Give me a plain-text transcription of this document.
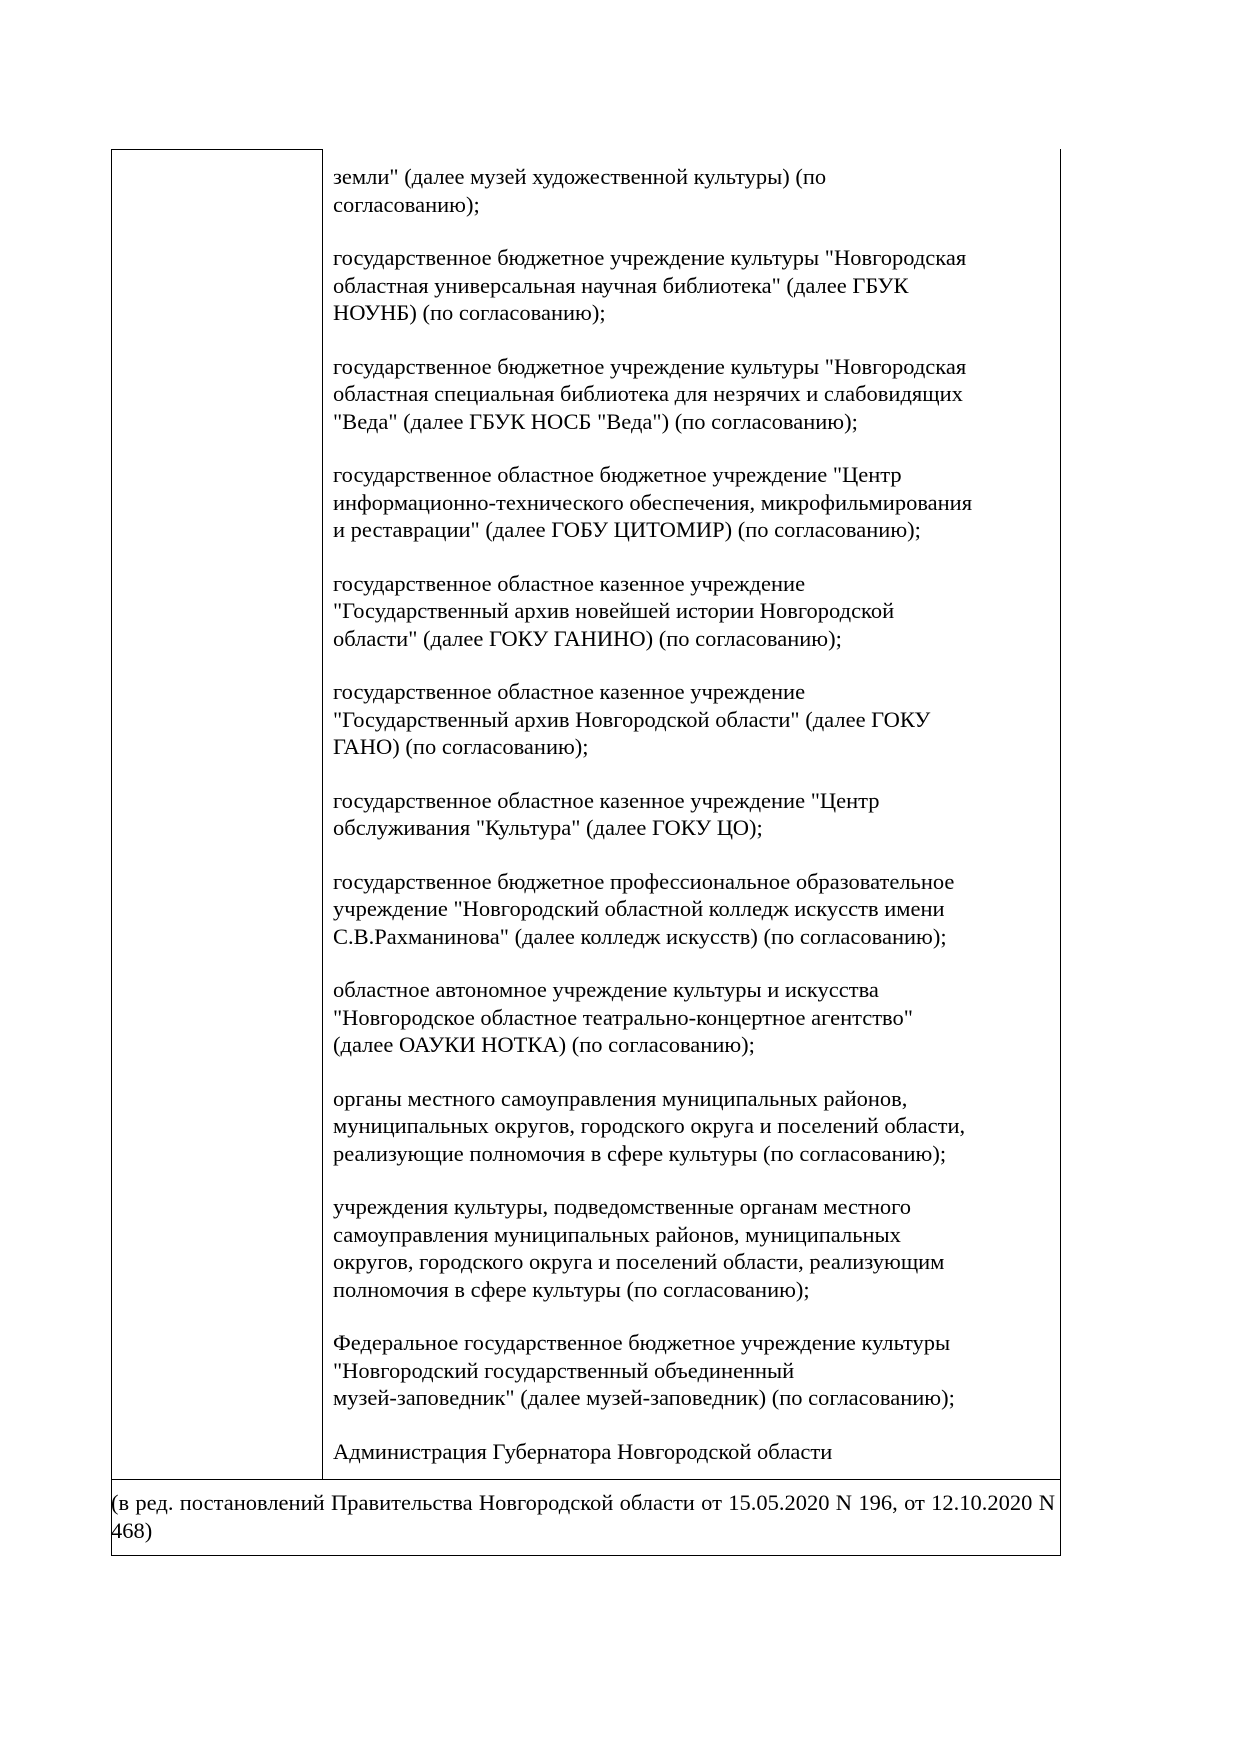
земли" (далее музей художественной культуры) (по
согласованию);

государственное бюджетное учреждение культуры "Новгородская
областная универсальная научная библиотека" (далее ГБУК
НОУНБ) (по согласованию);

государственное бюджетное учреждение культуры "Новгородская
областная специальная библиотека для незрячих и слабовидящих
"Веда" (далее ГБУК НОСБ "Веда") (по согласованию);

государственное областное бюджетное учреждение "Центр
информационно-технического обеспечения, микрофильмирования
и реставрации" (далее ГОБУ ЦИТОМИР) (по согласованию);

государственное областное казенное учреждение
"Государственный архив новейшей истории Новгородской
области" (далее ГОКУ ГАНИНО) (по согласованию);

государственное областное казенное учреждение
"Государственный архив Новгородской области" (далее ГОКУ
ГАНО) (по согласованию);

государственное областное казенное учреждение "Центр
обслуживания "Культура" (далее ГОКУ ЦО);

государственное бюджетное профессиональное образовательное
учреждение "Новгородский областной колледж искусств имени
С.В.Рахманинова" (далее колледж искусств) (по согласованию);

областное автономное учреждение культуры и искусства
"Новгородское областное театрально-концертное агентство"
(далее ОАУКИ НОТКА) (по согласованию);

органы местного самоуправления муниципальных районов,
муниципальных округов, городского округа и поселений области,
реализующие полномочия в сфере культуры (по согласованию);

учреждения культуры, подведомственные органам местного
самоуправления муниципальных районов, муниципальных
округов, городского округа и поселений области, реализующим
полномочия в сфере культуры (по согласованию);

Федеральное государственное бюджетное учреждение культуры
"Новгородский государственный объединенный
музей-заповедник" (далее музей-заповедник) (по согласованию);

Администрация Губернатора Новгородской области

(в ред. постановлений Правительства Новгородской области от 15.05.2020 N 196, от 12.10.2020 N 468)
